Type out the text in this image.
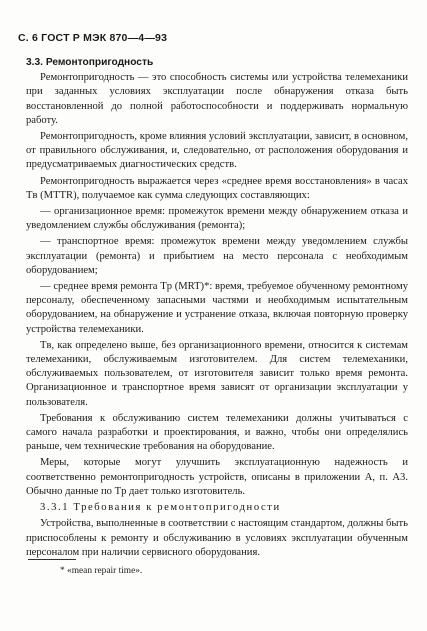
С. 6 ГОСТ Р МЭК 870—4—93
3.3. Ремонтопригодность

Ремонтопригодность — это способность системы или устройства телемеханики при заданных условиях эксплуатации после обнаружения отказа быть восстановленной до полной работоспособности и поддерживать нормальную работу.

Ремонтопригодность, кроме влияния условий эксплуатации, зависит, в основном, от правильного обслуживания, и, следовательно, от расположения оборудования и предусматриваемых диагностических средств.

Ремонтопригодность выражается через «среднее время восстановления» в часах Tв (MTTR), получаемое как сумма следующих составляющих:

— организационное время: промежуток времени между обнаружением отказа и уведомлением службы обслуживания (ремонта);

— транспортное время: промежуток времени между уведомлением службы эксплуатации (ремонта) и прибытием на место персонала с необходимым оборудованием;

— среднее время ремонта Tр (MRT)*: время, требуемое обученному ремонтному персоналу, обеспеченному запасными частями и необходимым испытательным оборудованием, на обнаружение и устранение отказа, включая повторную проверку устройства телемеханики.

Tв, как определено выше, без организационного времени, относится к системам телемеханики, обслуживаемым изготовителем. Для систем телемеханики, обслуживаемых пользователем, от изготовителя зависит только время ремонта. Организационное и транспортное время зависят от организации эксплуатации у пользователя.

Требования к обслуживанию систем телемеханики должны учитываться с самого начала разработки и проектирования, и важно, чтобы они определялись раньше, чем технические требования на оборудование.

Меры, которые могут улучшить эксплуатационную надежность и соответственно ремонтопригодность устройств, описаны в приложении А, п. А3. Обычно данные по Tр дает только изготовитель.

3.3.1 Требования к ремонтопригодности

Устройства, выполненные в соответствии с настоящим стандартом, должны быть приспособлены к ремонту и обслуживанию в условиях эксплуатации обученным персоналом при наличии сервисного оборудования.

* «mean repair time».
